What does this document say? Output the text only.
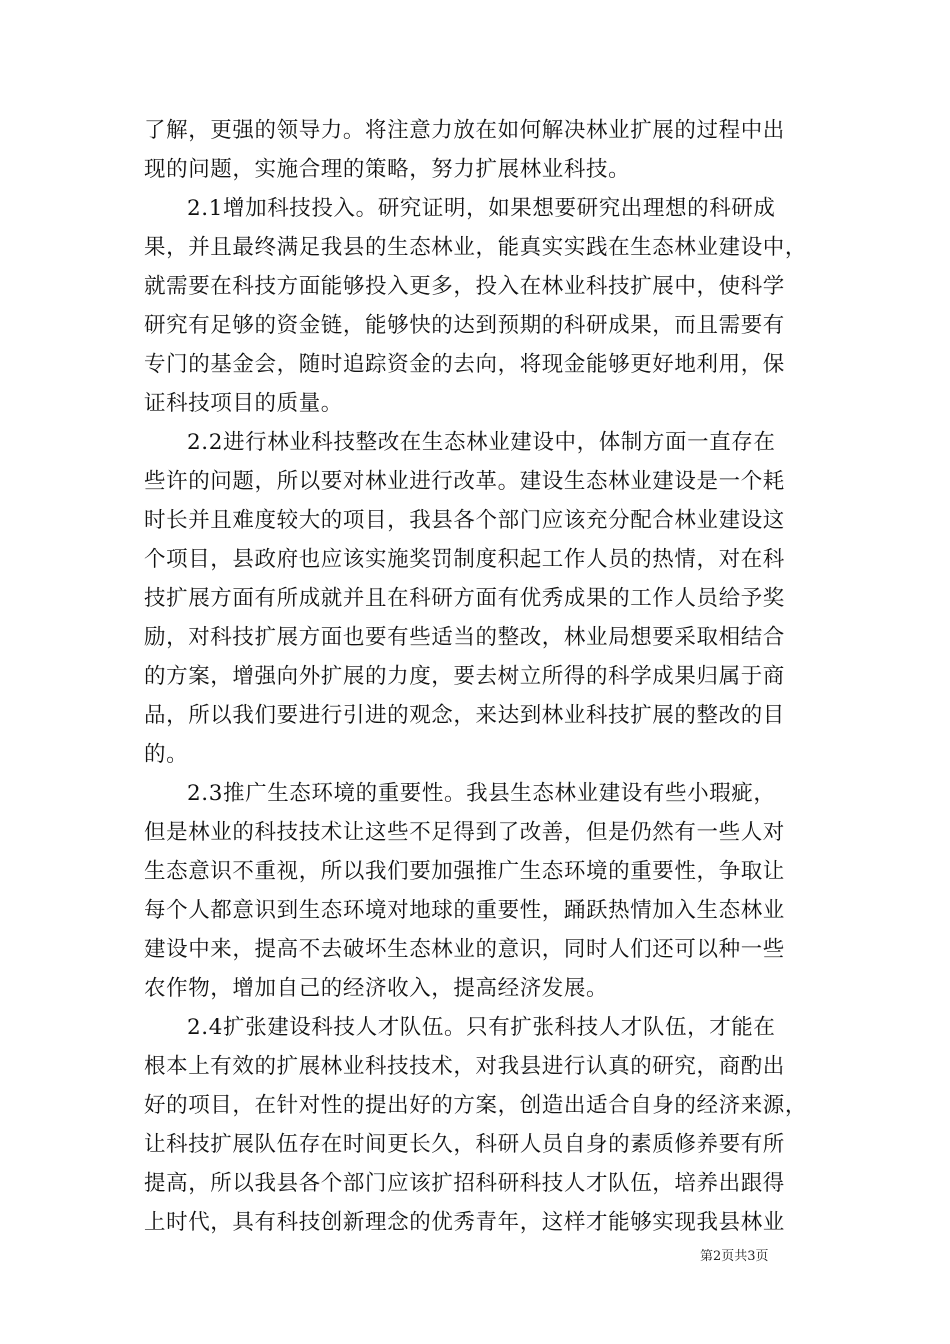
了解，更强的领导力。将注意力放在如何解决林业扩展的过程中出
现的问题，实施合理的策略，努力扩展林业科技。
2.1增加科技投入。研究证明，如果想要研究出理想的科研成
果，并且最终满足我县的生态林业，能真实实践在生态林业建设中，
就需要在科技方面能够投入更多，投入在林业科技扩展中，使科学
研究有足够的资金链，能够快的达到预期的科研成果，而且需要有
专门的基金会，随时追踪资金的去向，将现金能够更好地利用，保
证科技项目的质量。
2.2进行林业科技整改在生态林业建设中，体制方面一直存在
些许的问题，所以要对林业进行改革。建设生态林业建设是一个耗
时长并且难度较大的项目，我县各个部门应该充分配合林业建设这
个项目，县政府也应该实施奖罚制度积起工作人员的热情，对在科
技扩展方面有所成就并且在科研方面有优秀成果的工作人员给予奖
励，对科技扩展方面也要有些适当的整改，林业局想要采取相结合
的方案，增强向外扩展的力度，要去树立所得的科学成果归属于商
品，所以我们要进行引进的观念，来达到林业科技扩展的整改的目
的。
2.3推广生态环境的重要性。我县生态林业建设有些小瑕疵，
但是林业的科技技术让这些不足得到了改善，但是仍然有一些人对
生态意识不重视，所以我们要加强推广生态环境的重要性，争取让
每个人都意识到生态环境对地球的重要性，踊跃热情加入生态林业
建设中来，提高不去破坏生态林业的意识，同时人们还可以种一些
农作物，增加自己的经济收入，提高经济发展。
2.4扩张建设科技人才队伍。只有扩张科技人才队伍，才能在
根本上有效的扩展林业科技技术，对我县进行认真的研究，商酌出
好的项目，在针对性的提出好的方案，创造出适合自身的经济来源，
让科技扩展队伍存在时间更长久，科研人员自身的素质修养要有所
提高，所以我县各个部门应该扩招科研科技人才队伍，培养出跟得
上时代，具有科技创新理念的优秀青年，这样才能够实现我县林业
第2页共3页
